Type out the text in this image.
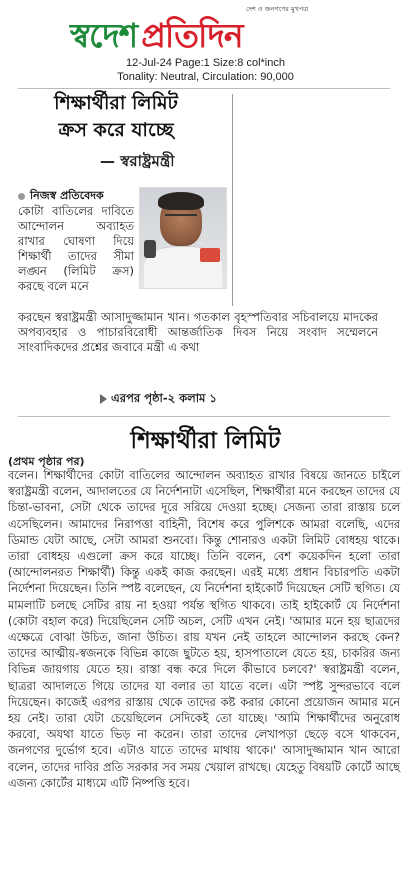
দেশ ও জনগণের মুখপত্র
স্বদেশ প্রতিদিন
12-Jul-24 Page:1 Size:8 col*inch
Tonality: Neutral, Circulation: 90,000
শিক্ষার্থীরা লিমিট
ক্রস করে যাচ্ছে
— স্বরাষ্ট্রমন্ত্রী
নিজস্ব প্রতিবেদক

কোটা বাতিলের দাবিতে আন্দোলন অব্যাহত রাখার ঘোষণা দিয়ে শিক্ষার্থী তাদের সীমা লঙ্ঘন (লিমিট ক্রস) করছে বলে মনে

করছেন স্বরাষ্ট্রমন্ত্রী আসাদুজ্জামান খান। গতকাল বৃহস্পতিবার সচিবালয়ে মাদকের অপব্যবহার ও পাচারবিরোধী আন্তর্জাতিক দিবস নিয়ে সংবাদ সম্মেলনে সাংবাদিকদের প্রশ্নের জবাবে মন্ত্রী এ কথা

এরপর পৃষ্ঠা-২ কলাম ১
শিক্ষার্থীরা লিমিট
(প্রথম পৃষ্ঠার পর)

বলেন। শিক্ষার্থীদের কোটা বাতিলের আন্দোলন অব্যাহত রাখার বিষয়ে জানতে চাইলে স্বরাষ্ট্রমন্ত্রী বলেন, আদালতের যে নির্দেশনাটা এসেছিল, শিক্ষার্থীরা মনে করছেন তাদের যে চিন্তা-ভাবনা, সেটা থেকে তাদের দূরে সরিয়ে দেওয়া হচ্ছে। সেজন্য তারা রাস্তায় চলে এসেছিলেন। আমাদের নিরাপত্তা বাহিনী, বিশেষ করে পুলিশকে আমরা বলেছি, এদের ডিমান্ড যেটা আছে, সেটা আমরা শুনবো। কিন্তু শোনারও একটা লিমিট বোধহয় থাকে। তারা বোধহয় এগুলো ক্রস করে যাচ্ছে। তিনি বলেন, বেশ কয়েকদিন হলো তারা (আন্দোলনরত শিক্ষার্থী) কিন্তু একই কাজ করছেন। এরই মধ্যে প্রধান বিচারপতি একটা নির্দেশনা দিয়েছেন। তিনি স্পষ্ট বলেছেন, যে নির্দেশনা হাইকোর্ট দিয়েছেন সেটি স্থগিত। যে মামলাটি চলছে সেটির রায় না হওয়া পর্যন্ত স্থগিত থাকবে। তাই হাইকোর্ট যে নির্দেশনা (কোটা বহাল করে) দিয়েছিলেন সেটি অচল, সেটি এখন নেই। 'আমার মনে হয় ছাত্রদের এক্ষেত্রে বোঝা উচিত, জানা উচিত। রায় যখন নেই তাহলে আন্দোলন করছে কেন? তাদের আত্মীয়-স্বজনকে বিভিন্ন কাজে ছুটতে হয়, হাসপাতালে যেতে হয়, চাকরির জন্য বিভিন্ন জায়গায় যেতে হয়। রাস্তা বন্ধ করে দিলে কীভাবে চলবে?' স্বরাষ্ট্রমন্ত্রী বলেন, ছাত্ররা আদালতে গিয়ে তাদের যা বলার তা যাতে বলে। এটা স্পষ্ট সুন্দরভাবে বলে দিয়েছেন। কাজেই এরপর রাস্তায় থেকে তাদের কষ্ট করার কোনো প্রয়োজন আমার মনে হয় নেই। তারা যেটা চেয়েছিলেন সেদিকেই তো যাচ্ছে। 'আমি শিক্ষার্থীদের অনুরোধ করবো, অযথা যাতে ভিড় না করেন। তারা তাদের লেখাপড়া ছেড়ে বসে থাকবেন, জনগণের দুর্ভোগ হবে। এটাও যাতে তাদের মাথায় থাকে।' আসাদুজ্জামান খান আরো বলেন, তাদের দাবির প্রতি সরকার সব সময় খেয়াল রাখছে। যেহেতু বিষয়টি কোর্টে আছে এজন্য কোর্টের মাধ্যমে এটি নিষ্পত্তি হবে।
